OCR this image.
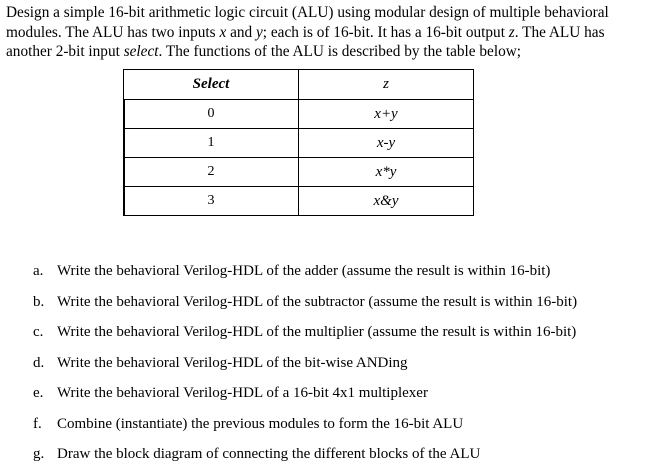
Design a simple 16-bit arithmetic logic circuit (ALU) using modular design of multiple behavioral
modules. The ALU has two inputs x and y; each is of 16-bit. It has a 16-bit output z. The ALU has
another 2-bit input select. The functions of the ALU is described by the table below;

Select	z
0	x+y
1	x-y
2	x*y
3	x&y
a. Write the behavioral Verilog-HDL of the adder (assume the result is within 16-bit)
b. Write the behavioral Verilog-HDL of the subtractor (assume the result is within 16-bit)
c. Write the behavioral Verilog-HDL of the multiplier (assume the result is within 16-bit)
d. Write the behavioral Verilog-HDL of the bit-wise ANDing
e. Write the behavioral Verilog-HDL of a 16-bit 4x1 multiplexer
f. Combine (instantiate) the previous modules to form the 16-bit ALU
g. Draw the block diagram of connecting the different blocks of the ALU
